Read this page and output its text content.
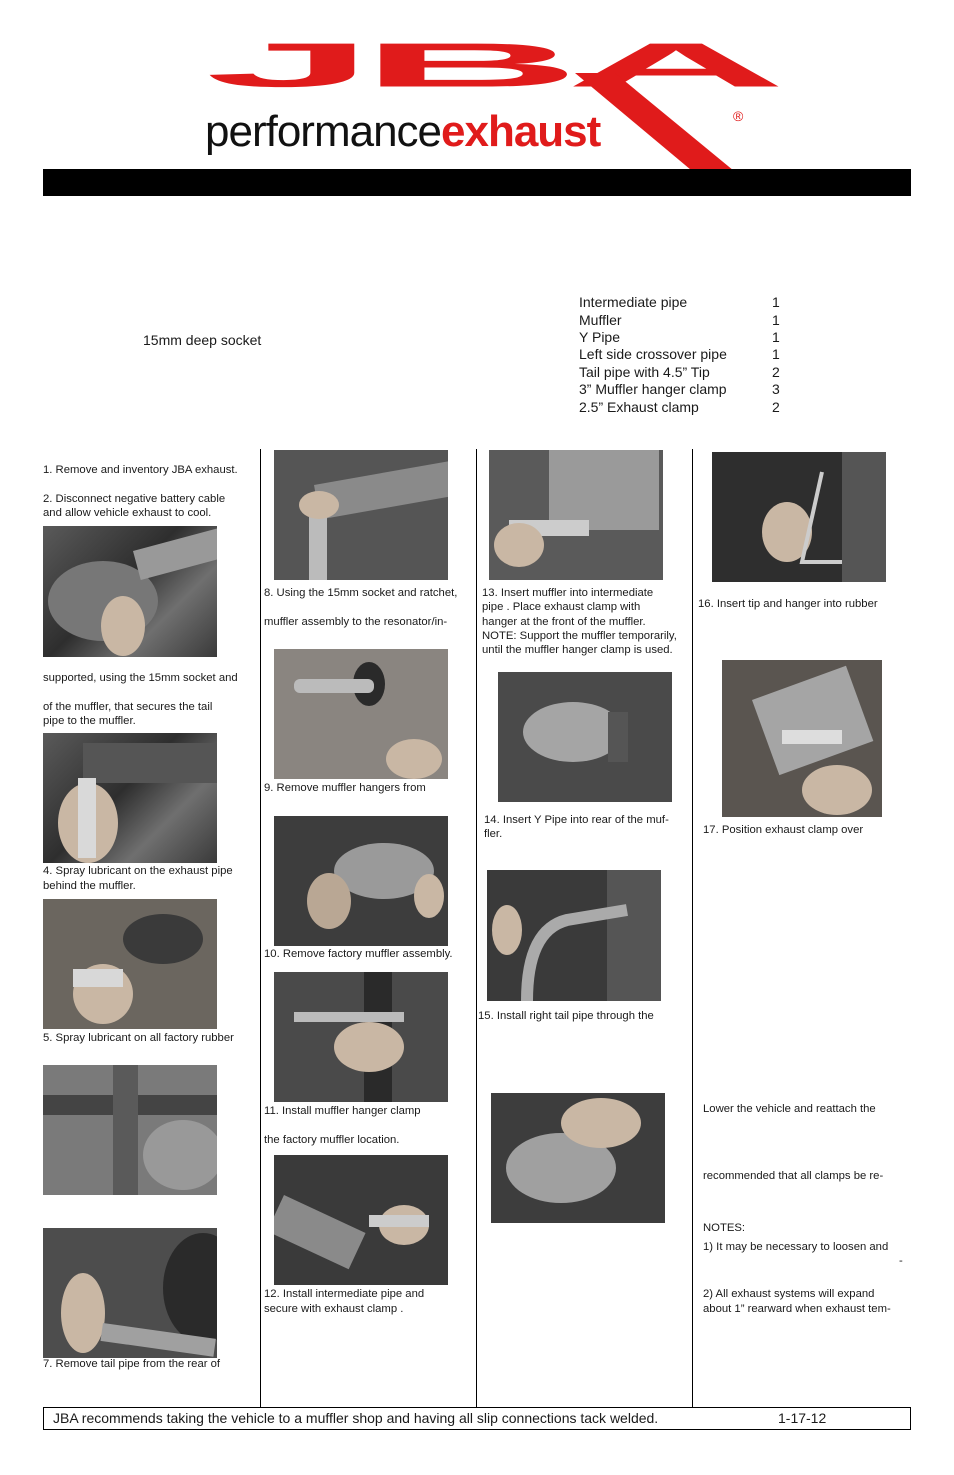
JBA
performanceexhaust	®
15mm deep socket
Intermediate pipe	1
Muffler	1
Y Pipe	1
Left side crossover pipe	1
Tail pipe with 4.5” Tip	2
3” Muffler hanger clamp	3
2.5” Exhaust clamp	2
1. Remove and inventory JBA exhaust.
2. Disconnect negative battery cable
and allow vehicle exhaust to cool.
supported, using the 15mm socket and
of the muffler, that secures the tail
pipe to the muffler.
4. Spray lubricant on the exhaust pipe
behind the muffler.
5. Spray lubricant on all factory rubber
7. Remove tail pipe from the rear of
8. Using the 15mm socket and ratchet,
muffler assembly to the resonator/in-
9. Remove muffler hangers from
10. Remove factory muffler assembly.
11. Install muffler hanger clamp
the factory muffler location.
12. Install intermediate pipe and
secure with exhaust clamp .
13. Insert muffler into intermediate
pipe . Place exhaust clamp with
hanger at the front of the muffler.
NOTE: Support the muffler temporarily,
until the muffler hanger clamp is used.
14. Insert Y Pipe into rear of the muf-
fler.
15. Install right tail pipe through the
16. Insert tip and hanger into rubber
17. Position exhaust clamp over
Lower the vehicle and reattach the
recommended that all clamps be re-
NOTES:
1) It may be necessary to loosen and
-
2) All exhaust systems will expand
about 1” rearward when exhaust tem-
JBA recommends taking the vehicle to a muffler shop and having all slip connections tack welded.	1-17-12
